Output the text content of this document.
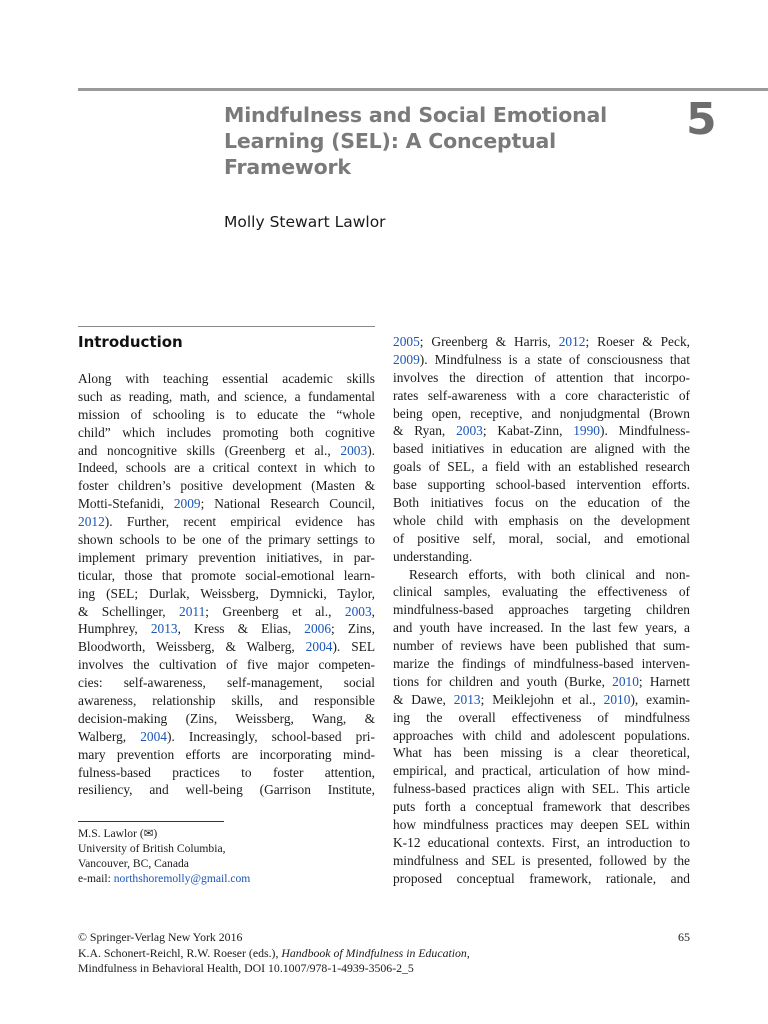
5
Mindfulness and Social Emotional
Learning (SEL): A Conceptual
Framework
Molly Stewart Lawlor
Introduction
Along with teaching essential academic skills
such as reading, math, and science, a fundamental
mission of schooling is to educate the “whole
child” which includes promoting both cognitive
and noncognitive skills (Greenberg et al., 2003).
Indeed, schools are a critical context in which to
foster children’s positive development (Masten &
Motti-Stefanidi, 2009; National Research Council,
2012). Further, recent empirical evidence has
shown schools to be one of the primary settings to
implement primary prevention initiatives, in par-
ticular, those that promote social-emotional learn-
ing (SEL; Durlak, Weissberg, Dymnicki, Taylor,
& Schellinger, 2011; Greenberg et al., 2003,
Humphrey, 2013, Kress & Elias, 2006; Zins,
Bloodworth, Weissberg, & Walberg, 2004). SEL
involves the cultivation of five major competen-
cies: self-awareness, self-management, social
awareness, relationship skills, and responsible
decision-making (Zins, Weissberg, Wang, &
Walberg, 2004). Increasingly, school-based pri-
mary prevention efforts are incorporating mind-
fulness-based practices to foster attention,
resiliency, and well-being (Garrison Institute,
2005; Greenberg & Harris, 2012; Roeser & Peck,
2009). Mindfulness is a state of consciousness that
involves the direction of attention that incorpo-
rates self-awareness with a core characteristic of
being open, receptive, and nonjudgmental (Brown
& Ryan, 2003; Kabat-Zinn, 1990). Mindfulness-
based initiatives in education are aligned with the
goals of SEL, a field with an established research
base supporting school-based intervention efforts.
Both initiatives focus on the education of the
whole child with emphasis on the development
of positive self, moral, social, and emotional
understanding.
Research efforts, with both clinical and non-
clinical samples, evaluating the effectiveness of
mindfulness-based approaches targeting children
and youth have increased. In the last few years, a
number of reviews have been published that sum-
marize the findings of mindfulness-based interven-
tions for children and youth (Burke, 2010; Harnett
& Dawe, 2013; Meiklejohn et al., 2010), examin-
ing the overall effectiveness of mindfulness
approaches with child and adolescent populations.
What has been missing is a clear theoretical,
empirical, and practical, articulation of how mind-
fulness-based practices align with SEL. This article
puts forth a conceptual framework that describes
how mindfulness practices may deepen SEL within
K-12 educational contexts. First, an introduction to
mindfulness and SEL is presented, followed by the
proposed conceptual framework, rationale, and
M.S. Lawlor (✉)
University of British Columbia,
Vancouver, BC, Canada
e-mail: northshoremolly@gmail.com
© Springer-Verlag New York 2016	65
K.A. Schonert-Reichl, R.W. Roeser (eds.), Handbook of Mindfulness in Education,
Mindfulness in Behavioral Health, DOI 10.1007/978-1-4939-3506-2_5
